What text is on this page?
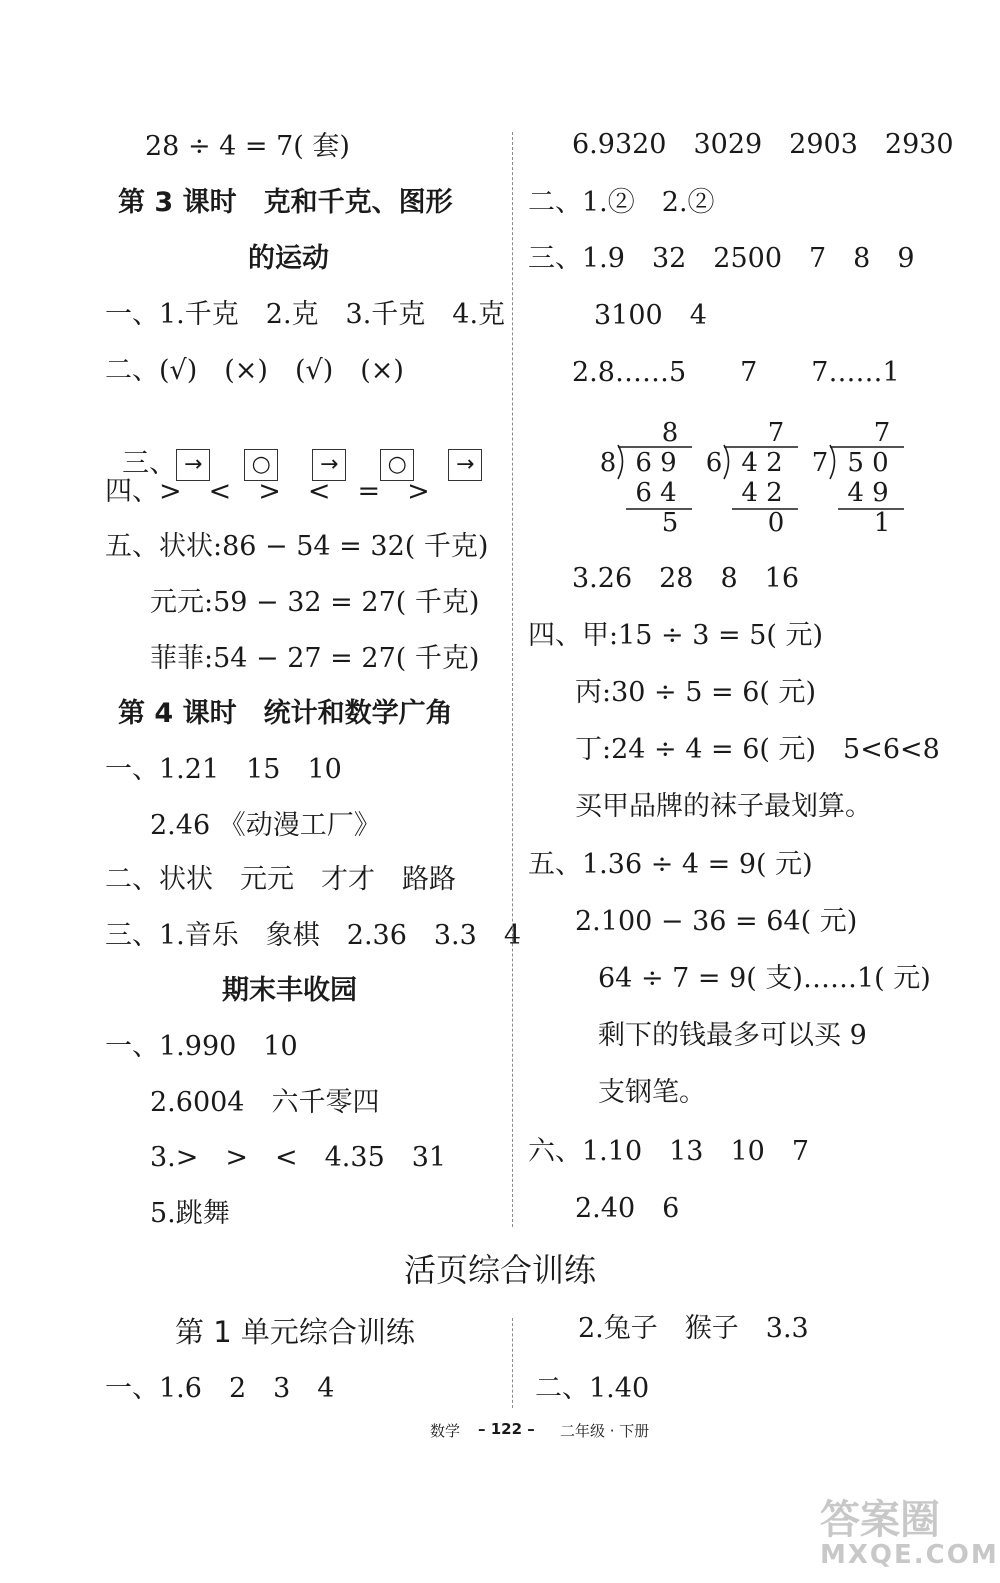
28 ÷ 4 = 7( 套)
第 3 课时　克和千克、图形
的运动
一、1.千克　2.克　3.千克　4.克
二、(√)　(×)　(√)　(×)

三、 → ○ → ○ →

四、>　<　>　<　=　>
五、状状:86 − 54 = 32( 千克)
元元:59 − 32 = 27( 千克)
菲菲:54 − 27 = 27( 千克)
第 4 课时　统计和数学广角
一、1.21　15　10
2.46 《动漫工厂》
二、状状　元元　才才　路路
三、1.音乐　象棋　2.36　3.3　4
期末丰收园
一、1.990　10
2.6004　六千零四
3.>　>　<　4.35　31
5.跳舞
6.9320　3029　2903　2930
二、1.②　2.②
三、1.9　32　2500　7　8　9
3100　4
2.8……5　　7　　7……1
8
8 6 9
6 4
5
7
6 4 2
4 2
0
7
7 5 0
4 9
1
3.26　28　8　16
四、甲:15 ÷ 3 = 5( 元)
丙:30 ÷ 5 = 6( 元)
丁:24 ÷ 4 = 6( 元)　5<6<8
买甲品牌的袜子最划算。
五、1.36 ÷ 4 = 9( 元)
2.100 − 36 = 64( 元)
64 ÷ 7 = 9( 支)……1( 元)
剩下的钱最多可以买 9
支钢笔。
六、1.10　13　10　7
2.40　6
活页综合训练
第 1 单元综合训练
一、1.6　2　3　4
2.兔子　猴子　3.3
二、1.40
数学 – 122 – 二年级 · 下册
答案圈
MXQE.COM
